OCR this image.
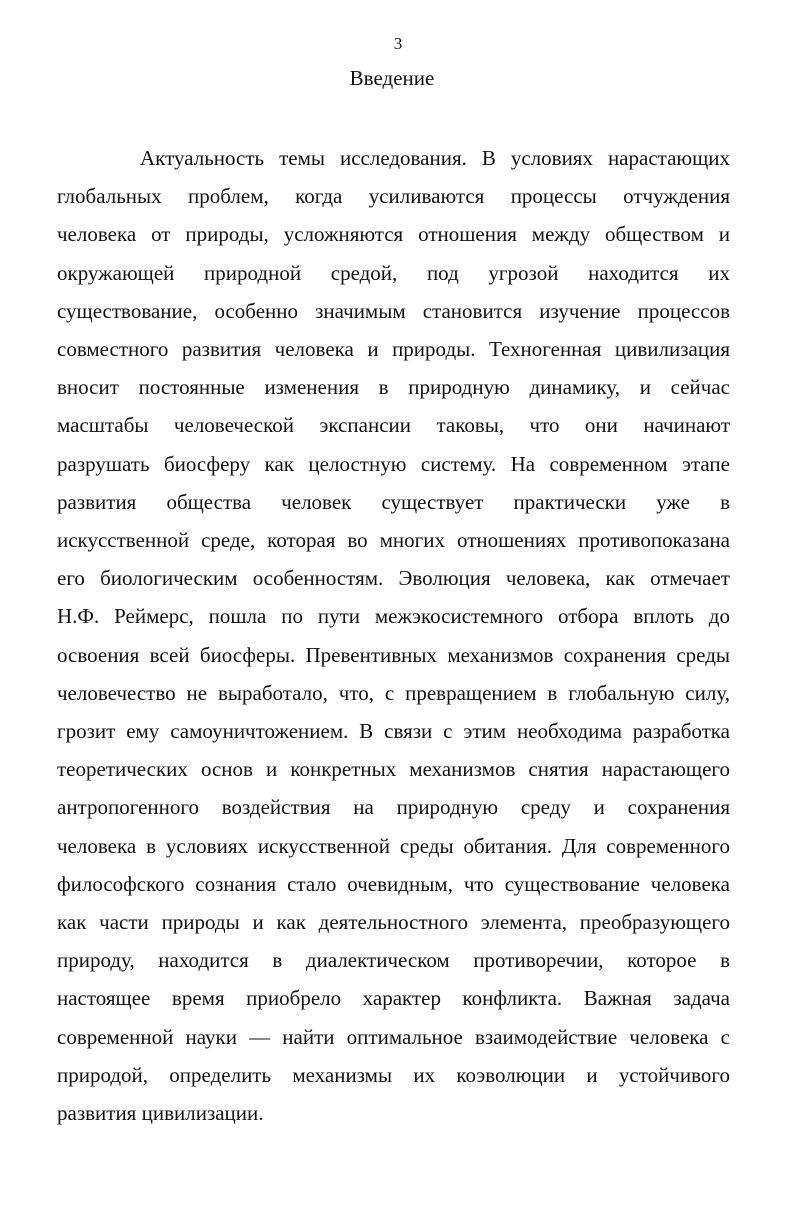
3
Введение
Актуальность темы исследования. В условиях нарастающих
глобальных проблем, когда усиливаются процессы отчуждения
человека от природы, усложняются отношения между обществом и
окружающей природной средой, под угрозой находится их
существование, особенно значимым становится изучение процессов
совместного развития человека и природы. Техногенная цивилизация
вносит постоянные изменения в природную динамику, и сейчас
масштабы человеческой экспансии таковы, что они начинают
разрушать биосферу как целостную систему. На современном этапе
развития общества человек существует практически уже в
искусственной среде, которая во многих отношениях противопоказана
его биологическим особенностям. Эволюция человека, как отмечает
Н.Ф. Реймерс, пошла по пути межэкосистемного отбора вплоть до
освоения всей биосферы. Превентивных механизмов сохранения среды
человечество не выработало, что, с превращением в глобальную силу,
грозит ему самоуничтожением. В связи с этим необходима разработка
теоретических основ и конкретных механизмов снятия нарастающего
антропогенного воздействия на природную среду и сохранения
человека в условиях искусственной среды обитания. Для современного
философского сознания стало очевидным, что существование человека
как части природы и как деятельностного элемента, преобразующего
природу, находится в диалектическом противоречии, которое в
настоящее время приобрело характер конфликта. Важная задача
современной науки — найти оптимальное взаимодействие человека с
природой, определить механизмы их коэволюции и устойчивого
развития цивилизации.
